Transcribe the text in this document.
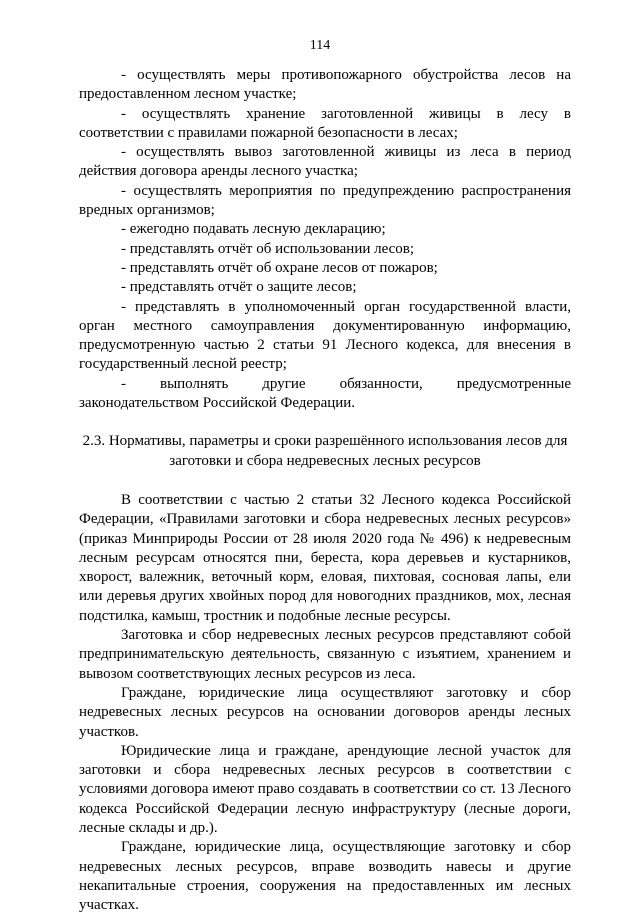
114

- осуществлять меры противопожарного обустройства лесов на предоставленном лесном участке;

- осуществлять хранение заготовленной живицы в лесу в соответствии с правилами пожарной безопасности в лесах;

- осуществлять вывоз заготовленной живицы из леса в период действия договора аренды лесного участка;

- осуществлять мероприятия по предупреждению распространения вредных организмов;

- ежегодно подавать лесную декларацию;

- представлять отчёт об использовании лесов;

- представлять отчёт об охране лесов от пожаров;

- представлять отчёт о защите лесов;

- представлять в уполномоченный орган государственной власти, орган местного самоуправления документированную информацию, предусмотренную частью 2 статьи 91 Лесного кодекса, для внесения в государственный лесной реестр;

- выполнять другие обязанности, предусмотренные законодательством Российской Федерации.

2.3. Нормативы, параметры и сроки разрешённого использования лесов для заготовки и сбора недревесных лесных ресурсов

В соответствии с частью 2 статьи 32 Лесного кодекса Российской Федерации, «Правилами заготовки и сбора недревесных лесных ресурсов» (приказ Минприроды России от 28 июля 2020 года № 496) к недревесным лесным ресурсам относятся пни, береста, кора деревьев и кустарников, хворост, валежник, веточный корм, еловая, пихтовая, сосновая лапы, ели или деревья других хвойных пород для новогодних праздников, мох, лесная подстилка, камыш, тростник и подобные лесные ресурсы.

Заготовка и сбор недревесных лесных ресурсов представляют собой предпринимательскую деятельность, связанную с изъятием, хранением и вывозом соответствующих лесных ресурсов из леса.

Граждане, юридические лица осуществляют заготовку и сбор недревесных лесных ресурсов на основании договоров аренды лесных участков.

Юридические лица и граждане, арендующие лесной участок для заготовки и сбора недревесных лесных ресурсов в соответствии с условиями договора имеют право создавать в соответствии со ст. 13 Лесного кодекса Российской Федерации лесную инфраструктуру (лесные дороги, лесные склады и др.).

Граждане, юридические лица, осуществляющие заготовку и сбор недревесных лесных ресурсов, вправе возводить навесы и другие некапитальные строения, сооружения на предоставленных им лесных участках.
